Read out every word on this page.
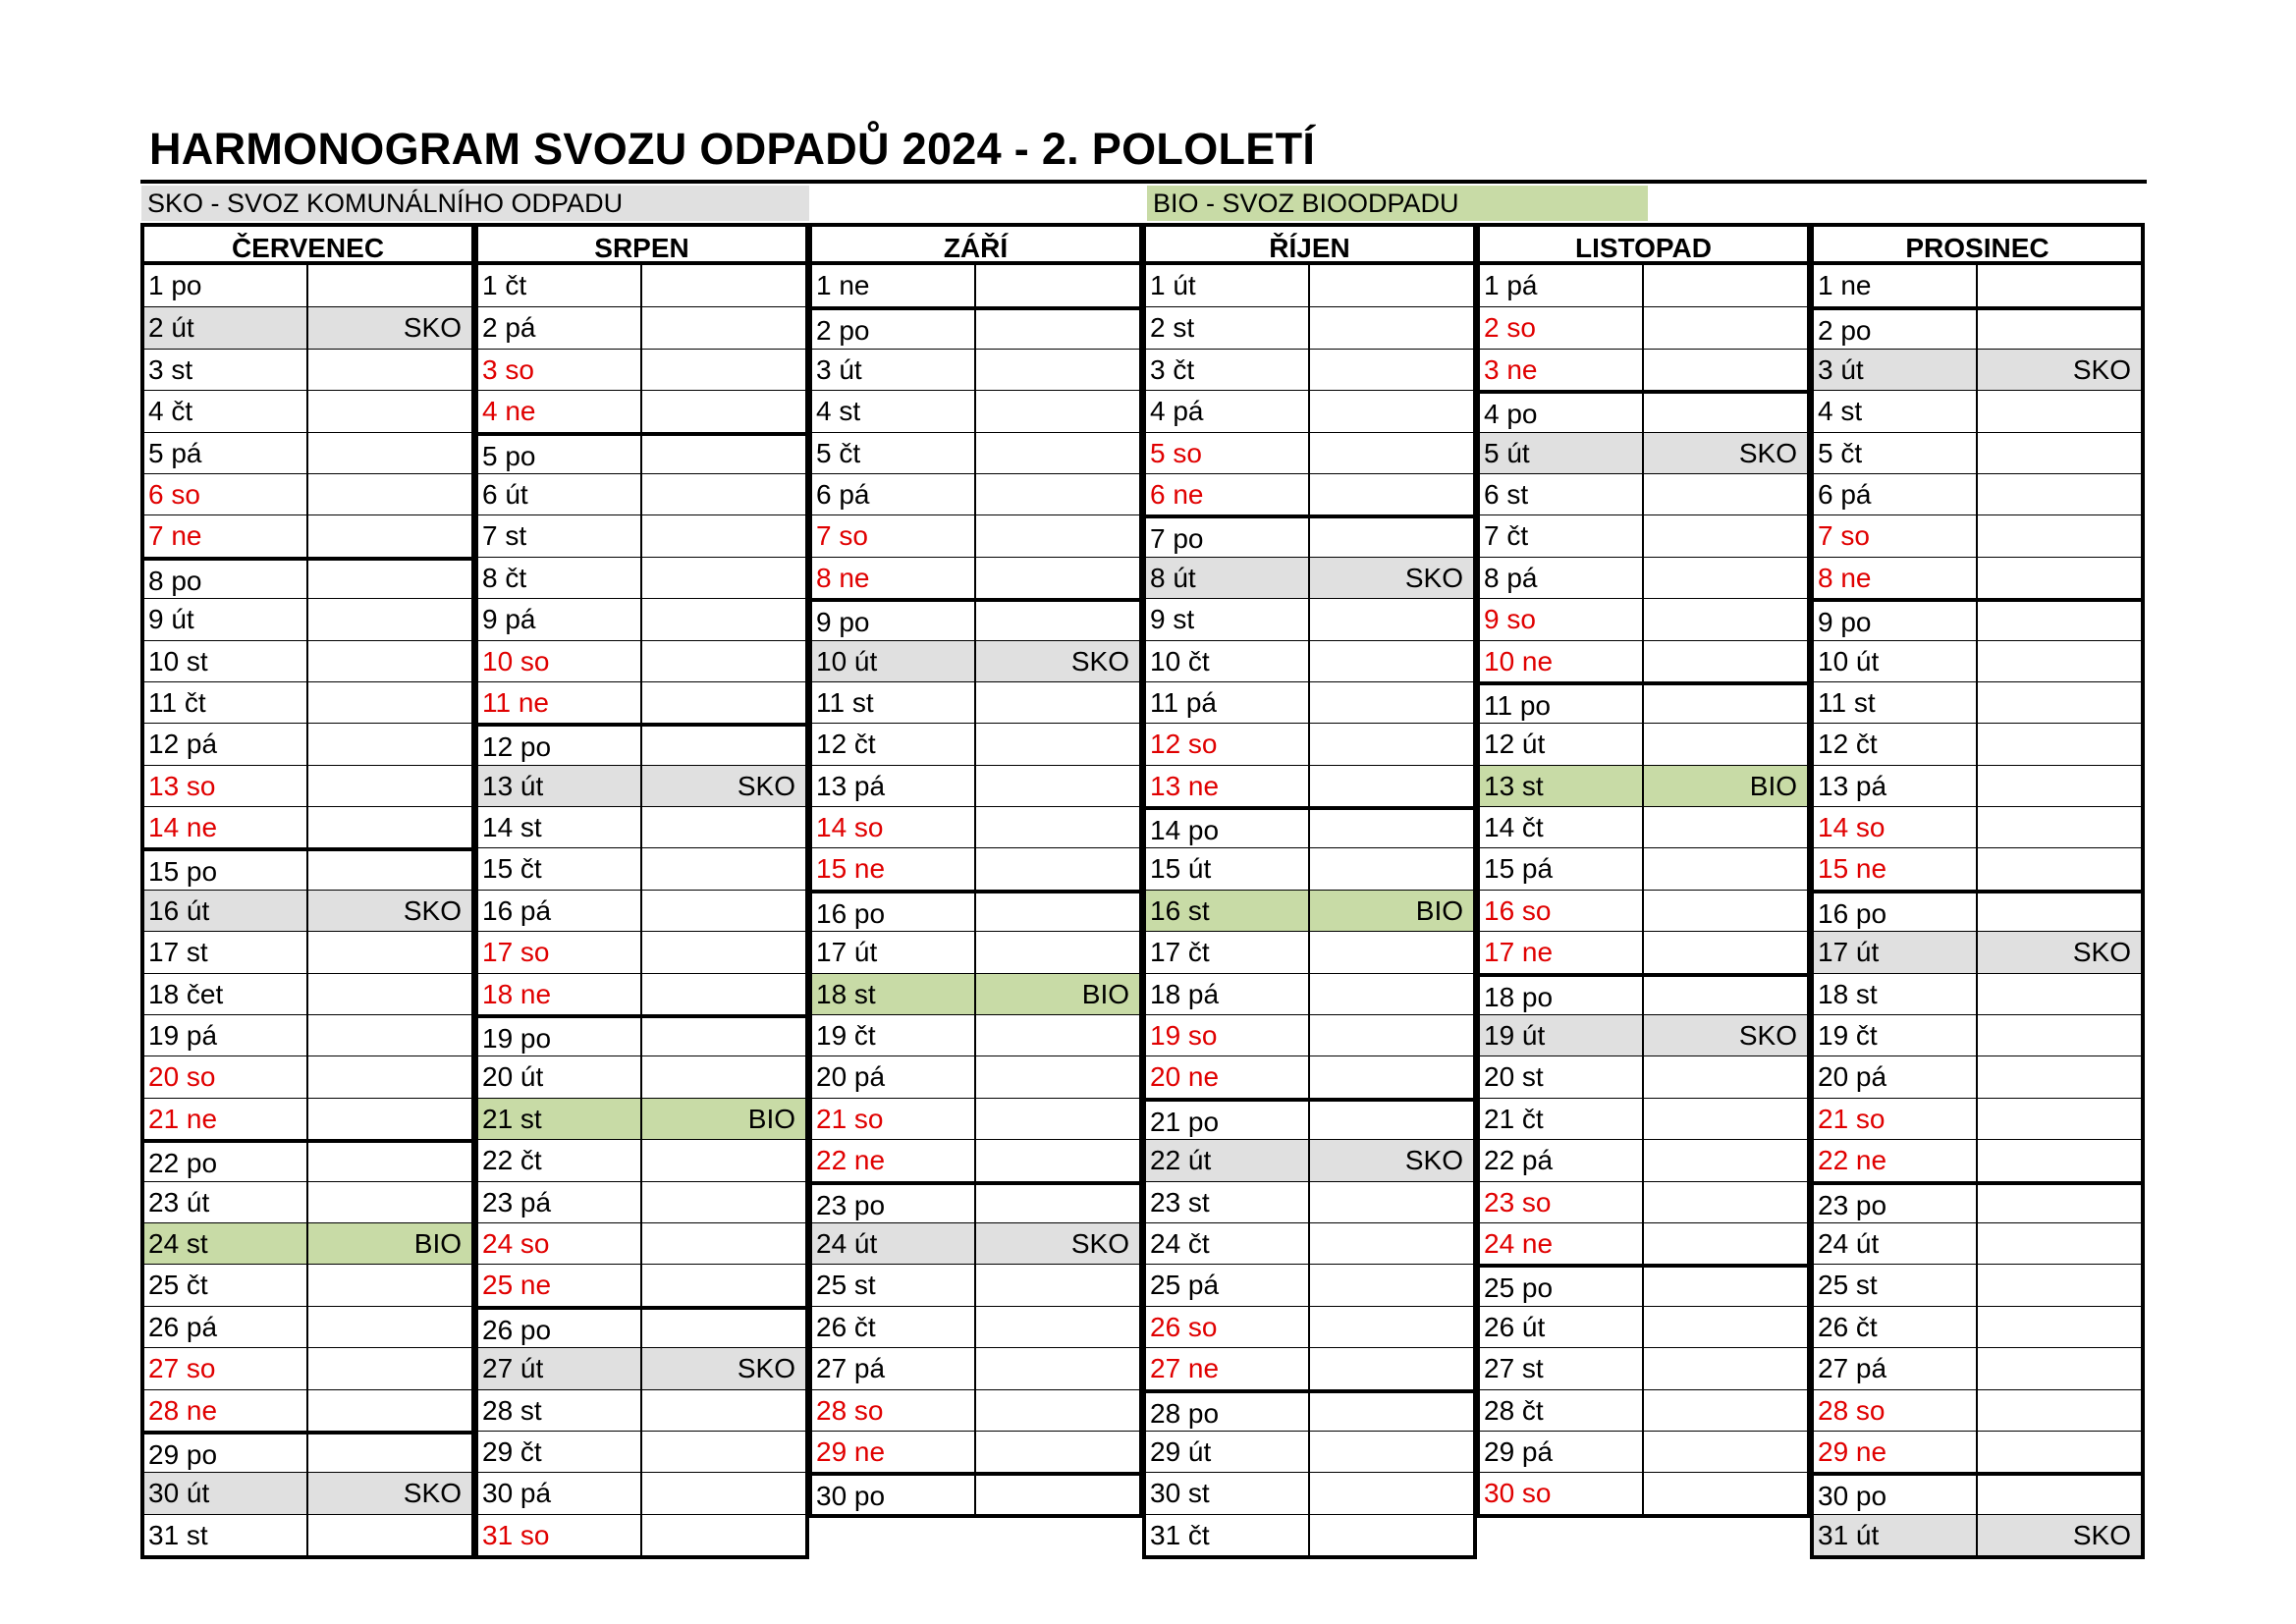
HARMONOGRAM SVOZU ODPADŮ 2024 - 2. POLOLETÍ
SKO - SVOZ KOMUNÁLNÍHO ODPADU	BIO - SVOZ BIOODPADU
ČERVENEC
1 po
2 út	SKO
3 st
4 čt
5 pá
6 so
7 ne
8 po
9 út
10 st
11 čt
12 pá
13 so
14 ne
15 po
16 út	SKO
17 st
18 čet
19 pá
20 so
21 ne
22 po
23 út
24 st	BIO
25 čt
26 pá
27 so
28 ne
29 po
30 út	SKO
31 st
SRPEN
1 čt
2 pá
3 so
4 ne
5 po
6 út
7 st
8 čt
9 pá
10 so
11 ne
12 po
13 út	SKO
14 st
15 čt
16 pá
17 so
18 ne
19 po
20 út
21 st	BIO
22 čt
23 pá
24 so
25 ne
26 po
27 út	SKO
28 st
29 čt
30 pá
31 so
ZÁŘÍ
1 ne
2 po
3 út
4 st
5 čt
6 pá
7 so
8 ne
9 po
10 út	SKO
11 st
12 čt
13 pá
14 so
15 ne
16 po
17 út
18 st	BIO
19 čt
20 pá
21 so
22 ne
23 po
24 út	SKO
25 st
26 čt
27 pá
28 so
29 ne
30 po
ŘÍJEN
1 út
2 st
3 čt
4 pá
5 so
6 ne
7 po
8 út	SKO
9 st
10 čt
11 pá
12 so
13 ne
14 po
15 út
16 st	BIO
17 čt
18 pá
19 so
20 ne
21 po
22 út	SKO
23 st
24 čt
25 pá
26 so
27 ne
28 po
29 út
30 st
31 čt
LISTOPAD
1 pá
2 so
3 ne
4 po
5 út	SKO
6 st
7 čt
8 pá
9 so
10 ne
11 po
12 út
13 st	BIO
14 čt
15 pá
16 so
17 ne
18 po
19 út	SKO
20 st
21 čt
22 pá
23 so
24 ne
25 po
26 út
27 st
28 čt
29 pá
30 so
PROSINEC
1 ne
2 po
3 út	SKO
4 st
5 čt
6 pá
7 so
8 ne
9 po
10 út
11 st
12 čt
13 pá
14 so
15 ne
16 po
17 út	SKO
18 st
19 čt
20 pá
21 so
22 ne
23 po
24 út
25 st
26 čt
27 pá
28 so
29 ne
30 po
31 út	SKO
